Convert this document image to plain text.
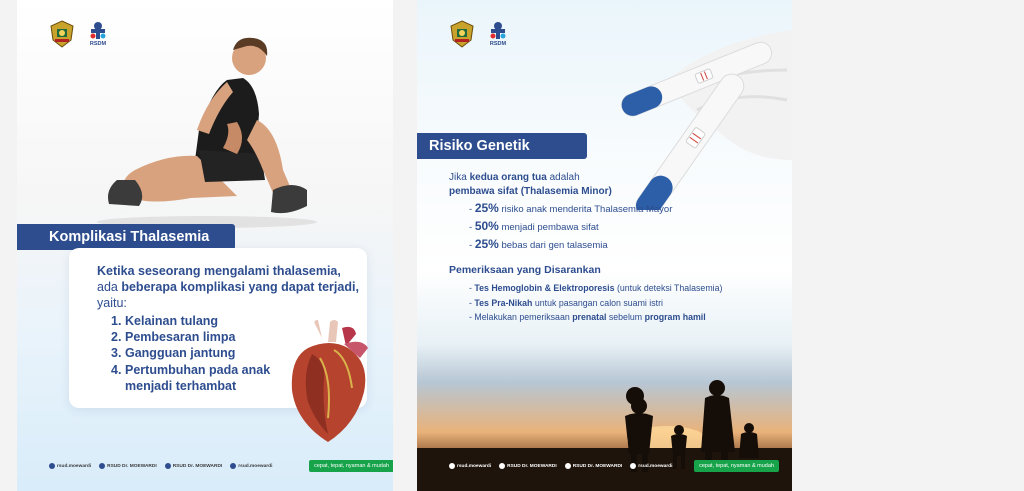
RSDM
Komplikasi Thalasemia
Ketika seseorang mengalami thalasemia,
ada beberapa komplikasi yang dapat terjadi,
yaitu:
1. Kelainan tulang
2. Pembesaran limpa
3. Gangguan jantung
4. Pertumbuhan pada anak
menjadi terhambat
rsud.moewardi	RSUD Dr. MOEWARDI	RSUD Dr. MOEWARDI	rsud.moewardi	cepat, tepat, nyaman & mudah
RSDM
Risiko Genetik
Jika kedua orang tua adalah
pembawa sifat (Thalasemia Minor)
- 25% risiko anak menderita Thalasemia Mayor
- 50% menjadi pembawa sifat
- 25% bebas dari gen talasemia
Pemeriksaan yang Disarankan
- Tes Hemoglobin & Elektroporesis (untuk deteksi Thalasemia)
- Tes Pra-Nikah untuk pasangan calon suami istri
- Melakukan pemeriksaan prenatal sebelum program hamil
rsud.moewardi	RSUD Dr. MOEWARDI	RSUD Dr. MOEWARDI	rsud.moewardi	cepat, tepat, nyaman & mudah
